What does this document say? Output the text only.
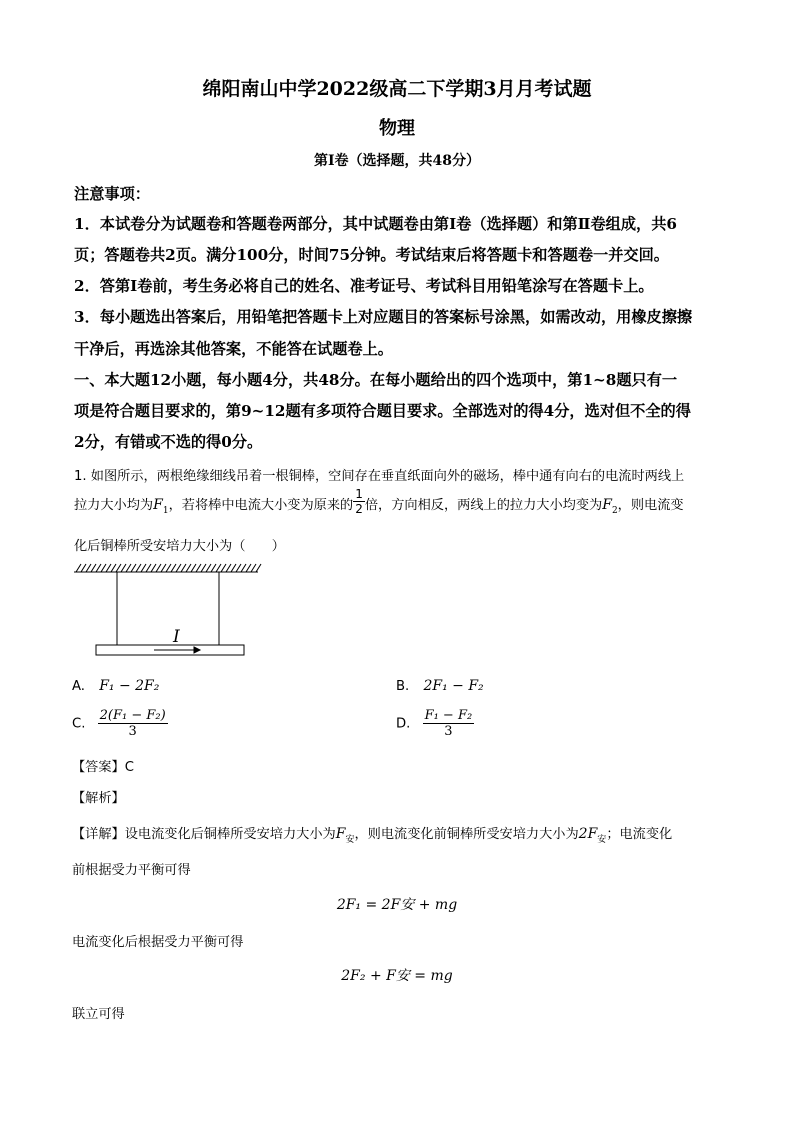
绵阳南山中学2022级高二下学期3月月考试题
物理
第Ⅰ卷（选择题，共48分）
注意事项：
1．本试卷分为试题卷和答题卷两部分，其中试题卷由第Ⅰ卷（选择题）和第Ⅱ卷组成，共6
页；答题卷共2页。满分100分，时间75分钟。考试结束后将答题卡和答题卷一并交回。
2．答第Ⅰ卷前，考生务必将自己的姓名、准考证号、考试科目用铅笔涂写在答题卡上。
3．每小题选出答案后，用铅笔把答题卡上对应题目的答案标号涂黑，如需改动，用橡皮擦擦
干净后，再选涂其他答案，不能答在试题卷上。
一、本大题12小题，每小题4分，共48分。在每小题给出的四个选项中，第1~8题只有一
项是符合题目要求的，第9~12题有多项符合题目要求。全部选对的得4分，选对但不全的得
2分，有错或不选的得0分。
1. 如图所示，两根绝缘细线吊着一根铜棒，空间存在垂直纸面向外的磁场，棒中通有向右的电流时两线上
拉力大小均为$F_1$，若将棒中电流大小变为原来的 $\frac{1}{2}$ 倍，方向相反，两线上的拉力大小均变为$F_2$，则电流变
化后铜棒所受安培力大小为（　　）
I
A. F₁ − 2F₂	B. 2F₁ − F₂
C. $\frac{\text{2(F₁ − F₂)}}{3}$	D. $\frac{\text{F₁ − F₂}}{3}$
【答案】C
【解析】
【详解】设电流变化后铜棒所受安培力大小为$F_安$，则电流变化前铜棒所受安培力大小为$2F_安$；电流变化
前根据受力平衡可得
2F₁ = 2F安 + mg
电流变化后根据受力平衡可得
2F₂ + F安 = mg
联立可得
